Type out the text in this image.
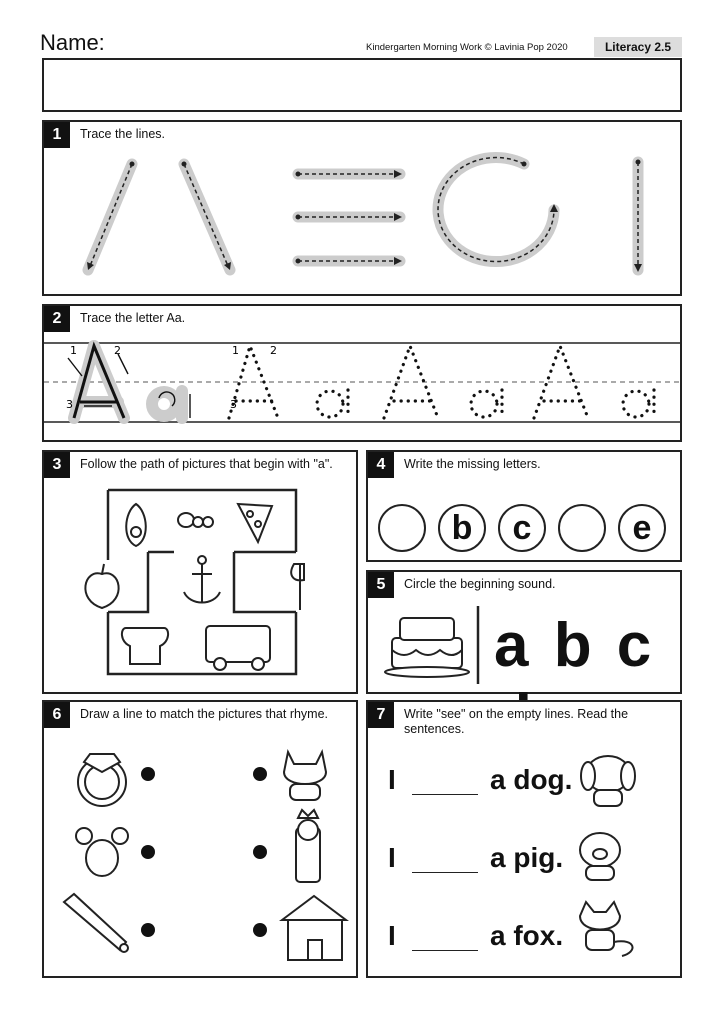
Name:	Kindergarten Morning Work © Lavinia Pop 2020	Literacy 2.5
1	Trace the lines.
2	Trace the letter Aa.
1	2
3
1	2
3
3	Follow the path of pictures that begin with "a".	4	Write the missing letters.
b	c	e
5	Circle the beginning sound.
a b c
6	Draw a line to match the pictures that rhyme.	7	Write "see" on the empty lines. Read the sentences.
I	a dog.
I	a pig.
I	a fox.
